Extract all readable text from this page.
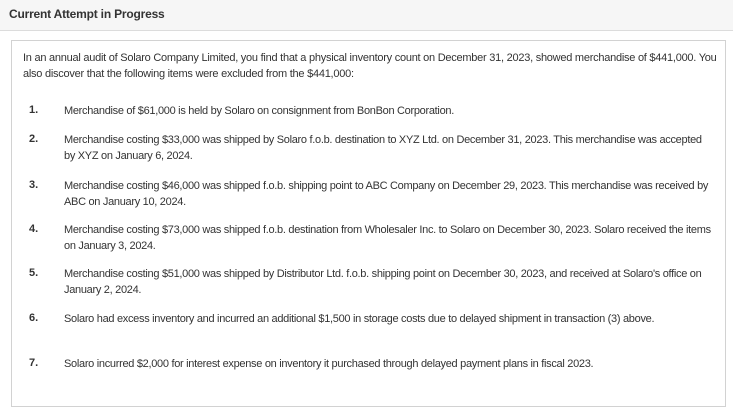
Current Attempt in Progress
In an annual audit of Solaro Company Limited, you find that a physical inventory count on December 31, 2023, showed merchandise of $441,000. You also discover that the following items were excluded from the $441,000:
1. Merchandise of $61,000 is held by Solaro on consignment from BonBon Corporation.
2. Merchandise costing $33,000 was shipped by Solaro f.o.b. destination to XYZ Ltd. on December 31, 2023. This merchandise was accepted by XYZ on January 6, 2024.
3. Merchandise costing $46,000 was shipped f.o.b. shipping point to ABC Company on December 29, 2023. This merchandise was received by ABC on January 10, 2024.
4. Merchandise costing $73,000 was shipped f.o.b. destination from Wholesaler Inc. to Solaro on December 30, 2023. Solaro received the items on January 3, 2024.
5. Merchandise costing $51,000 was shipped by Distributor Ltd. f.o.b. shipping point on December 30, 2023, and received at Solaro's office on January 2, 2024.
6. Solaro had excess inventory and incurred an additional $1,500 in storage costs due to delayed shipment in transaction (3) above.
7. Solaro incurred $2,000 for interest expense on inventory it purchased through delayed payment plans in fiscal 2023.
